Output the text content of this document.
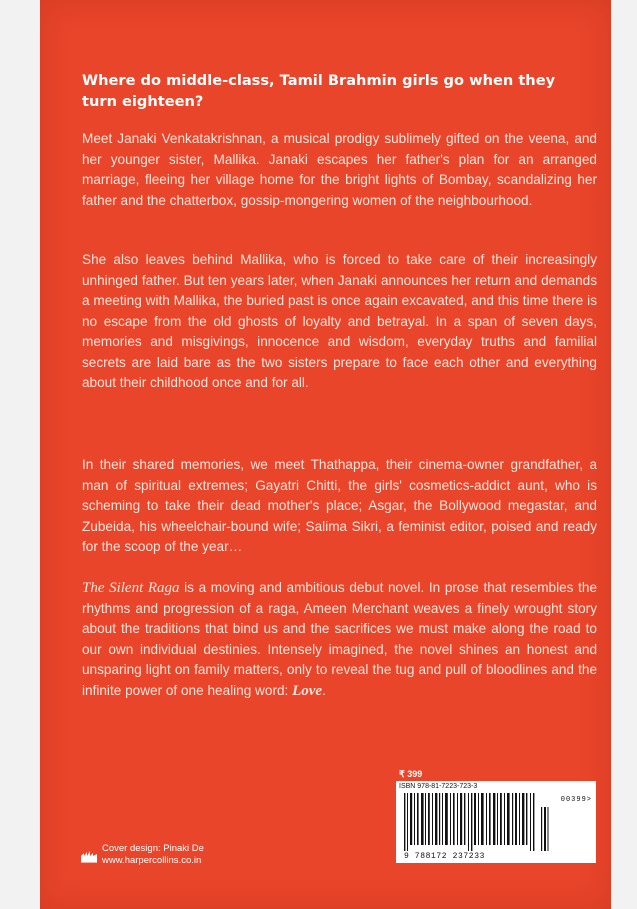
Where do middle-class, Tamil Brahmin girls go when they turn eighteen?

Meet Janaki Venkatakrishnan, a musical prodigy sublimely gifted on the veena, and her younger sister, Mallika. Janaki escapes her father's plan for an arranged marriage, fleeing her village home for the bright lights of Bombay, scandalizing her father and the chatterbox, gossip-mongering women of the neighbourhood.

She also leaves behind Mallika, who is forced to take care of their increasingly unhinged father. But ten years later, when Janaki announces her return and demands a meeting with Mallika, the buried past is once again excavated, and this time there is no escape from the old ghosts of loyalty and betrayal. In a span of seven days, memories and misgivings, innocence and wisdom, everyday truths and familial secrets are laid bare as the two sisters prepare to face each other and everything about their childhood once and for all.

In their shared memories, we meet Thathappa, their cinema-owner grandfather, a man of spiritual extremes; Gayatri Chitti, the girls' cosmetics-addict aunt, who is scheming to take their dead mother's place; Asgar, the Bollywood megastar, and Zubeida, his wheelchair-bound wife; Salima Sikri, a feminist editor, poised and ready for the scoop of the year…

The Silent Raga is a moving and ambitious debut novel. In prose that resembles the rhythms and progression of a raga, Ameen Merchant weaves a finely wrought story about the traditions that bind us and the sacrifices we must make along the road to our own individual destinies. Intensely imagined, the novel shines an honest and unsparing light on family matters, only to reveal the tug and pull of bloodlines and the infinite power of one healing word: Love.

₹ 399
ISBN 978-81-7223-723-3
00399>
9 788172 237233
Cover design: Pinaki De
www.harpercollins.co.in
